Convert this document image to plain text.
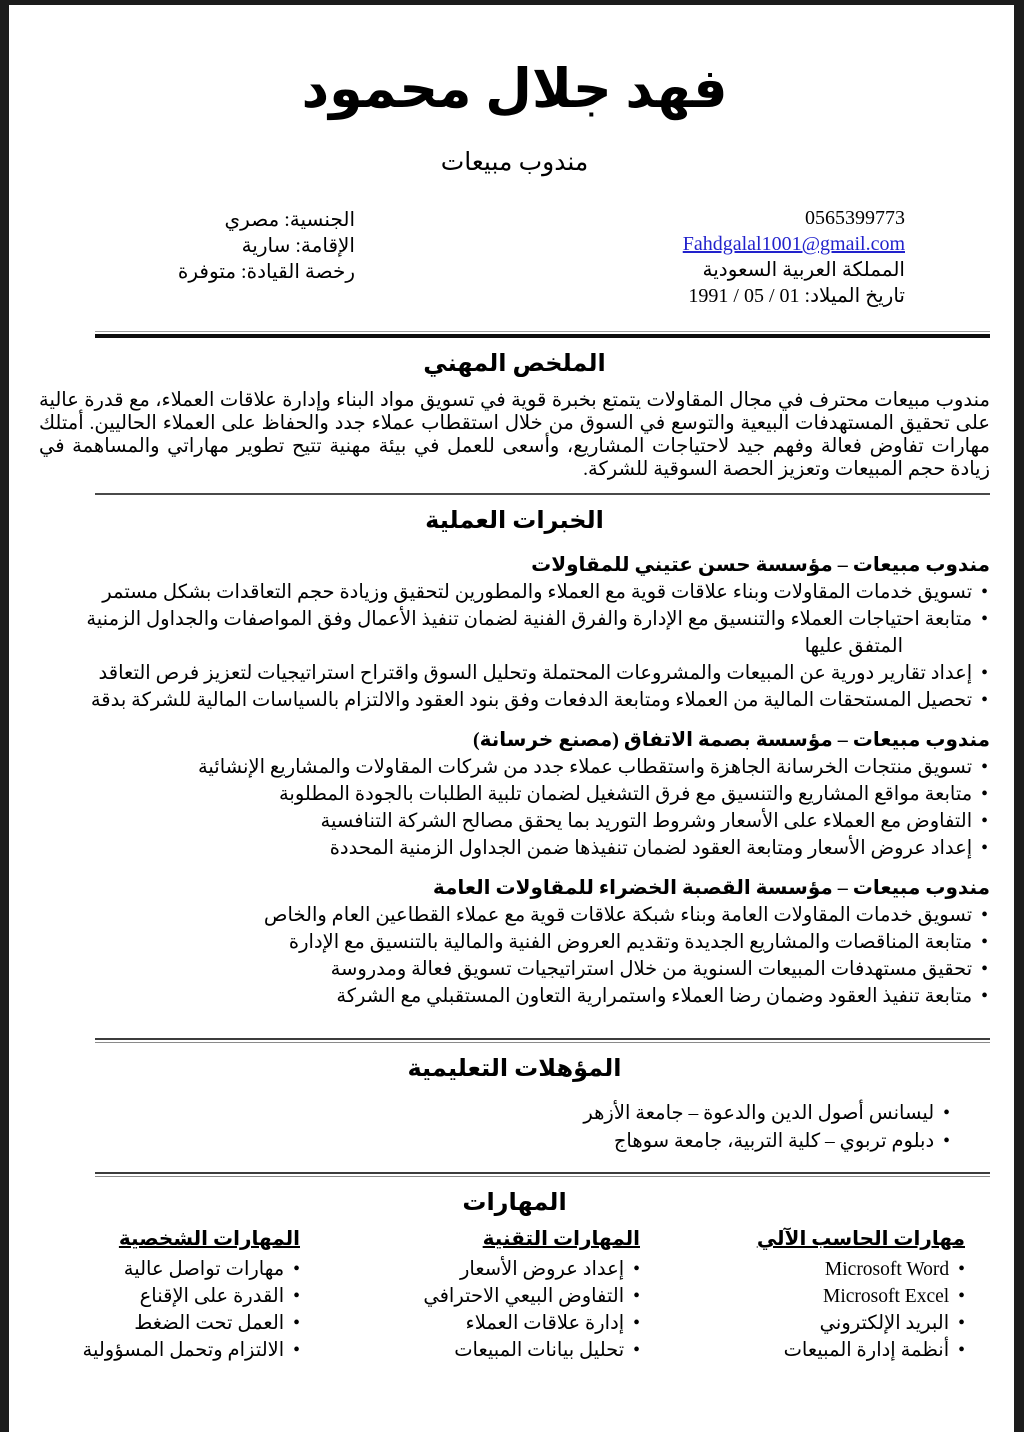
فهد جلال محمود
مندوب مبيعات
0565399773
Fahdgalal1001@gmail.com
المملكة العربية السعودية
تاريخ الميلاد: 01 / 05 / 1991
الجنسية: مصري
الإقامة: سارية
رخصة القيادة: متوفرة
الملخص المهني

مندوب مبيعات محترف في مجال المقاولات يتمتع بخبرة قوية في تسويق مواد البناء وإدارة علاقات العملاء، مع قدرة عالية على تحقيق المستهدفات البيعية والتوسع في السوق من خلال استقطاب عملاء جدد والحفاظ على العملاء الحاليين. أمتلك مهارات تفاوض فعالة وفهم جيد لاحتياجات المشاريع، وأسعى للعمل في بيئة مهنية تتيح تطوير مهاراتي والمساهمة في زيادة حجم المبيعات وتعزيز الحصة السوقية للشركة.

الخبرات العملية
مندوب مبيعات – مؤسسة حسن عتيني للمقاولات
• تسويق خدمات المقاولات وبناء علاقات قوية مع العملاء والمطورين لتحقيق وزيادة حجم التعاقدات بشكل مستمر
• متابعة احتياجات العملاء والتنسيق مع الإدارة والفرق الفنية لضمان تنفيذ الأعمال وفق المواصفات والجداول الزمنية المتفق عليها
• إعداد تقارير دورية عن المبيعات والمشروعات المحتملة وتحليل السوق واقتراح استراتيجيات لتعزيز فرص التعاقد
• تحصيل المستحقات المالية من العملاء ومتابعة الدفعات وفق بنود العقود والالتزام بالسياسات المالية للشركة بدقة
مندوب مبيعات – مؤسسة بصمة الاتفاق (مصنع خرسانة)
• تسويق منتجات الخرسانة الجاهزة واستقطاب عملاء جدد من شركات المقاولات والمشاريع الإنشائية
• متابعة مواقع المشاريع والتنسيق مع فرق التشغيل لضمان تلبية الطلبات بالجودة المطلوبة
• التفاوض مع العملاء على الأسعار وشروط التوريد بما يحقق مصالح الشركة التنافسية
• إعداد عروض الأسعار ومتابعة العقود لضمان تنفيذها ضمن الجداول الزمنية المحددة
مندوب مبيعات – مؤسسة القصبة الخضراء للمقاولات العامة
• تسويق خدمات المقاولات العامة وبناء شبكة علاقات قوية مع عملاء القطاعين العام والخاص
• متابعة المناقصات والمشاريع الجديدة وتقديم العروض الفنية والمالية بالتنسيق مع الإدارة
• تحقيق مستهدفات المبيعات السنوية من خلال استراتيجيات تسويق فعالة ومدروسة
• متابعة تنفيذ العقود وضمان رضا العملاء واستمرارية التعاون المستقبلي مع الشركة
المؤهلات التعليمية
• ليسانس أصول الدين والدعوة – جامعة الأزهر
• دبلوم تربوي – كلية التربية، جامعة سوهاج
المهارات
مهارات الحاسب الآلي
• Microsoft Word
• Microsoft Excel
• البريد الإلكتروني
• أنظمة إدارة المبيعات
المهارات التقنية
• إعداد عروض الأسعار
• التفاوض البيعي الاحترافي
• إدارة علاقات العملاء
• تحليل بيانات المبيعات
المهارات الشخصية
• مهارات تواصل عالية
• القدرة على الإقناع
• العمل تحت الضغط
• الالتزام وتحمل المسؤولية
